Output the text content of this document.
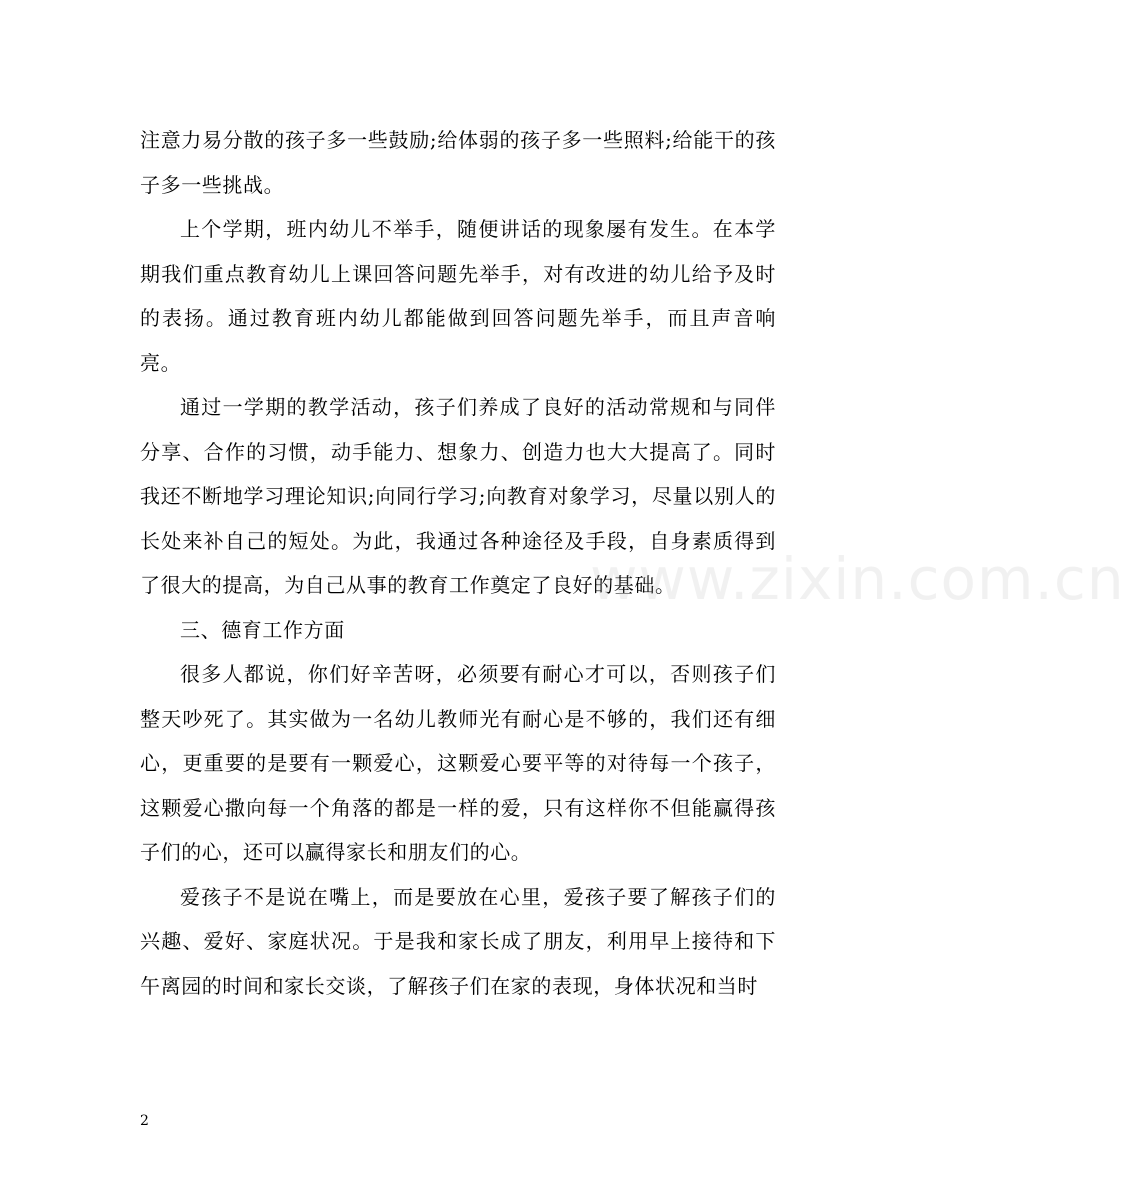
注意力易分散的孩子多一些鼓励;给体弱的孩子多一些照料;给能干的孩子多一些挑战。

上个学期，班内幼儿不举手，随便讲话的现象屡有发生。在本学期我们重点教育幼儿上课回答问题先举手，对有改进的幼儿给予及时的表扬。通过教育班内幼儿都能做到回答问题先举手，而且声音响亮。

通过一学期的教学活动，孩子们养成了良好的活动常规和与同伴分享、合作的习惯，动手能力、想象力、创造力也大大提高了。同时我还不断地学习理论知识;向同行学习;向教育对象学习，尽量以别人的长处来补自己的短处。为此，我通过各种途径及手段，自身素质得到了很大的提高，为自己从事的教育工作奠定了良好的基础。

三、德育工作方面

很多人都说，你们好辛苦呀，必须要有耐心才可以，否则孩子们整天吵死了。其实做为一名幼儿教师光有耐心是不够的，我们还有细心，更重要的是要有一颗爱心，这颗爱心要平等的对待每一个孩子，这颗爱心撒向每一个角落的都是一样的爱，只有这样你不但能赢得孩子们的心，还可以赢得家长和朋友们的心。

爱孩子不是说在嘴上，而是要放在心里，爱孩子要了解孩子们的兴趣、爱好、家庭状况。于是我和家长成了朋友，利用早上接待和下午离园的时间和家长交谈，了解孩子们在家的表现，身体状况和当时

www.zixin.com.cn
2
